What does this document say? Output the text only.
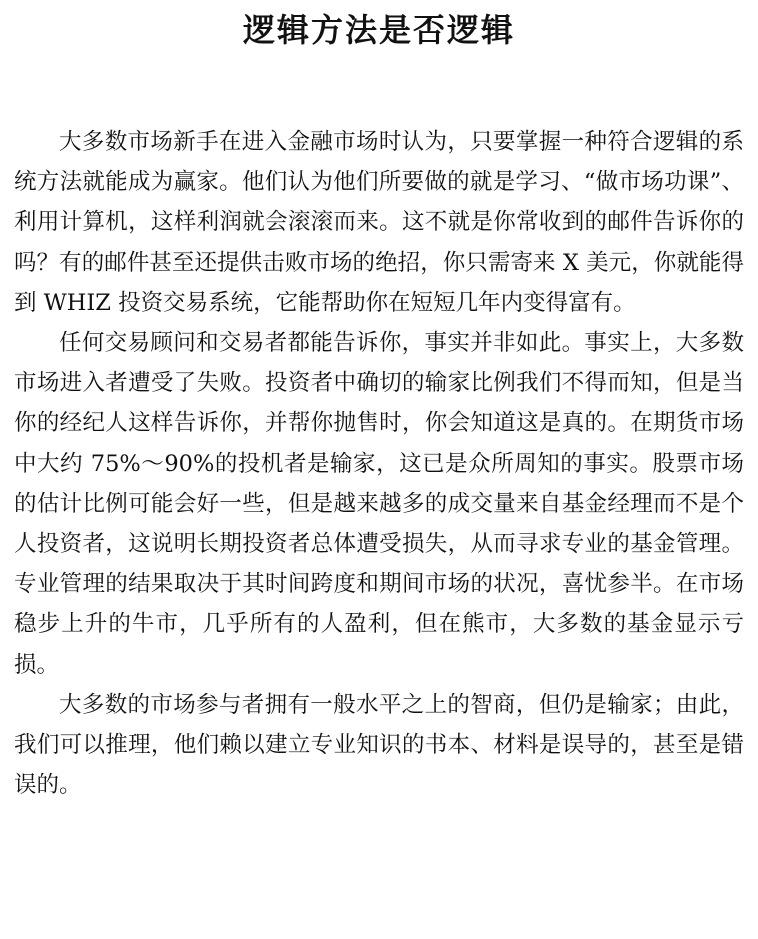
逻辑方法是否逻辑

大多数市场新手在进入金融市场时认为，只要掌握一种符合逻辑的系统方法就能成为赢家。他们认为他们所要做的就是学习、“做市场功课”、利用计算机，这样利润就会滚滚而来。这不就是你常收到的邮件告诉你的吗？有的邮件甚至还提供击败市场的绝招，你只需寄来 X 美元，你就能得到 WHIZ 投资交易系统，它能帮助你在短短几年内变得富有。

任何交易顾问和交易者都能告诉你，事实并非如此。事实上，大多数市场进入者遭受了失败。投资者中确切的输家比例我们不得而知，但是当你的经纪人这样告诉你，并帮你抛售时，你会知道这是真的。在期货市场中大约 75%～90%的投机者是输家，这已是众所周知的事实。股票市场的估计比例可能会好一些，但是越来越多的成交量来自基金经理而不是个人投资者，这说明长期投资者总体遭受损失，从而寻求专业的基金管理。专业管理的结果取决于其时间跨度和期间市场的状况，喜忧参半。在市场稳步上升的牛市，几乎所有的人盈利，但在熊市，大多数的基金显示亏损。

大多数的市场参与者拥有一般水平之上的智商，但仍是输家；由此，我们可以推理，他们赖以建立专业知识的书本、材料是误导的，甚至是错误的。
